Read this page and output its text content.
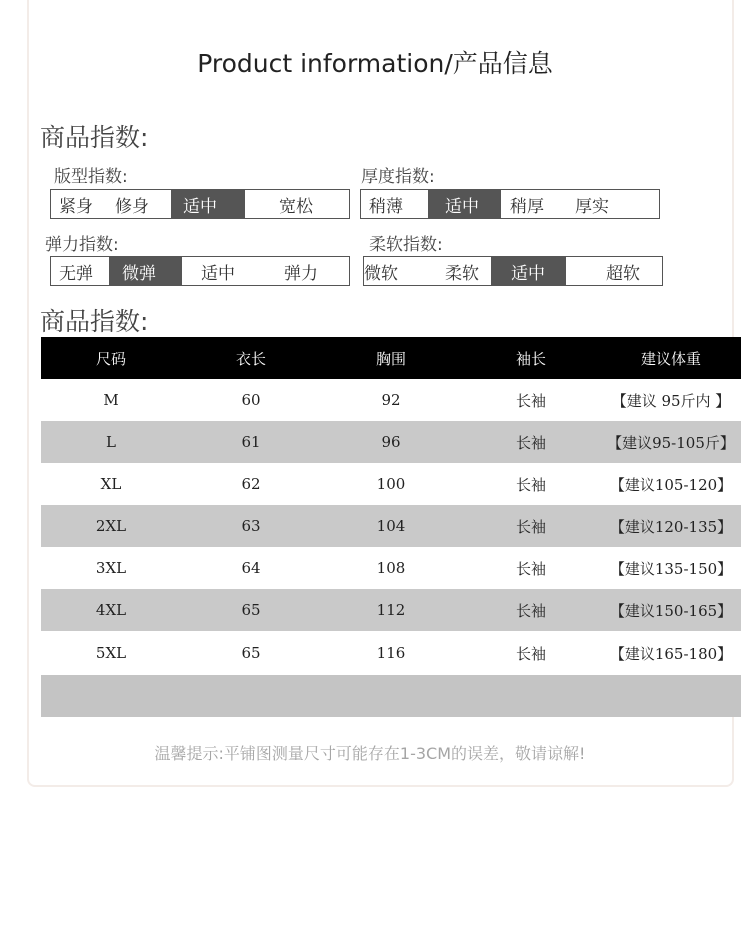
Product information/产品信息
商品指数:
版型指数:
紧身	修身	适中	宽松
厚度指数:
稍薄	适中	稍厚	厚实
弹力指数:
无弹	微弹	适中	弹力
柔软指数:
微软	柔软	适中	超软
商品指数:
尺码	衣长	胸围	袖长	建议体重
M	60	92	长袖	【建议 95斤内 】
L	61	96	长袖	【建议95-105斤】
XL	62	100	长袖	【建议105-120】
2XL	63	104	长袖	【建议120-135】
3XL	64	108	长袖	【建议135-150】
4XL	65	112	长袖	【建议150-165】
5XL	65	116	长袖	【建议165-180】

温馨提示:平铺图测量尺寸可能存在1-3CM的误差，敬请谅解!
